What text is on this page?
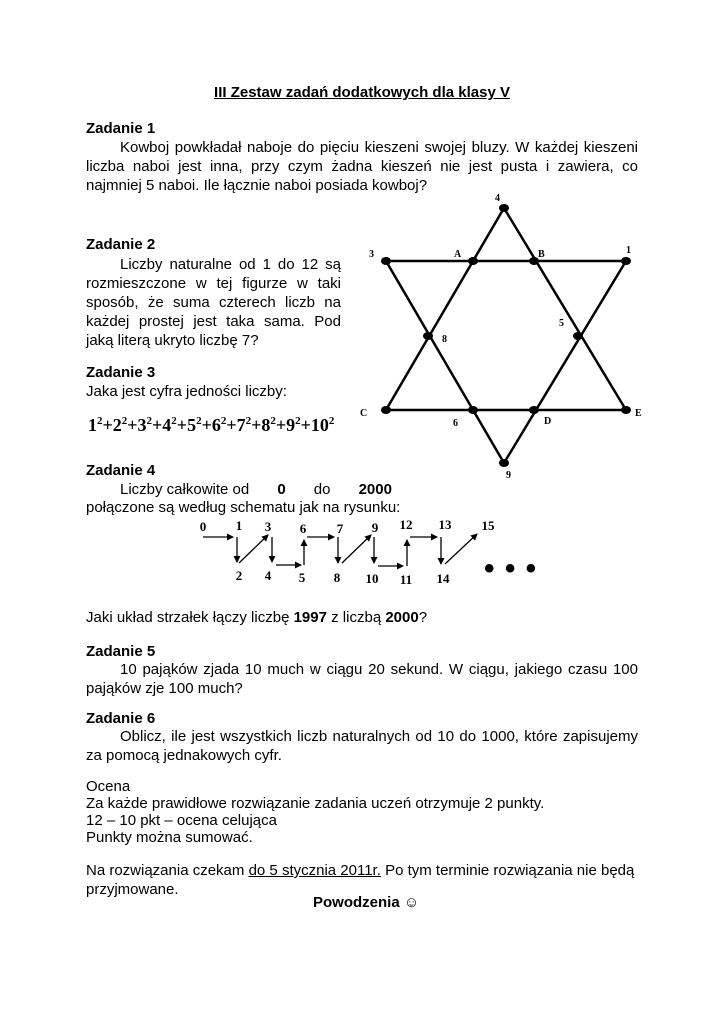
III Zestaw zadań dodatkowych dla klasy V
Zadanie 1
Kowboj powkładał naboje do pięciu kieszeni swojej bluzy. W każdej kieszeni liczba naboi jest inna, przy czym żadna kieszeń nie jest pusta i zawiera, co najmniej 5 naboi. Ile łącznie naboi posiada kowboj?
Zadanie 2
Liczby naturalne od 1 do 12 są rozmieszczone w tej figurze w taki sposób, że suma czterech liczb na każdej prostej jest taka sama. Pod jaką literą ukryto liczbę 7?
4
3	A	B	1
5
8
C
6	D
E
9
Zadanie 3
Jaka jest cyfra jedności liczby:
$1^2+2^2+3^2+4^2+5^2+6^2+7^2+8^2+9^2+10^2$
Zadanie 4
Liczby całkowite od 0 do 2000
połączone są według schematu jak na rysunku:
0 1 3 6 7 9 12 13 15
2 4 5 8 10 11 14 • • •
Jaki układ strzałek łączy liczbę 1997 z liczbą 2000?
Zadanie 5
10 pająków zjada 10 much w ciągu 20 sekund. W ciągu, jakiego czasu 100 pająków zje 100 much?
Zadanie 6
Oblicz, ile jest wszystkich liczb naturalnych od 10 do 1000, które zapisujemy za pomocą jednakowych cyfr.
Ocena
Za każde prawidłowe rozwiązanie zadania uczeń otrzymuje 2 punkty.
12 – 10 pkt – ocena celująca
Punkty można sumować.
Na rozwiązania czekam do 5 stycznia 2011r. Po tym terminie rozwiązania nie będą przyjmowane.
Powodzenia ☺
